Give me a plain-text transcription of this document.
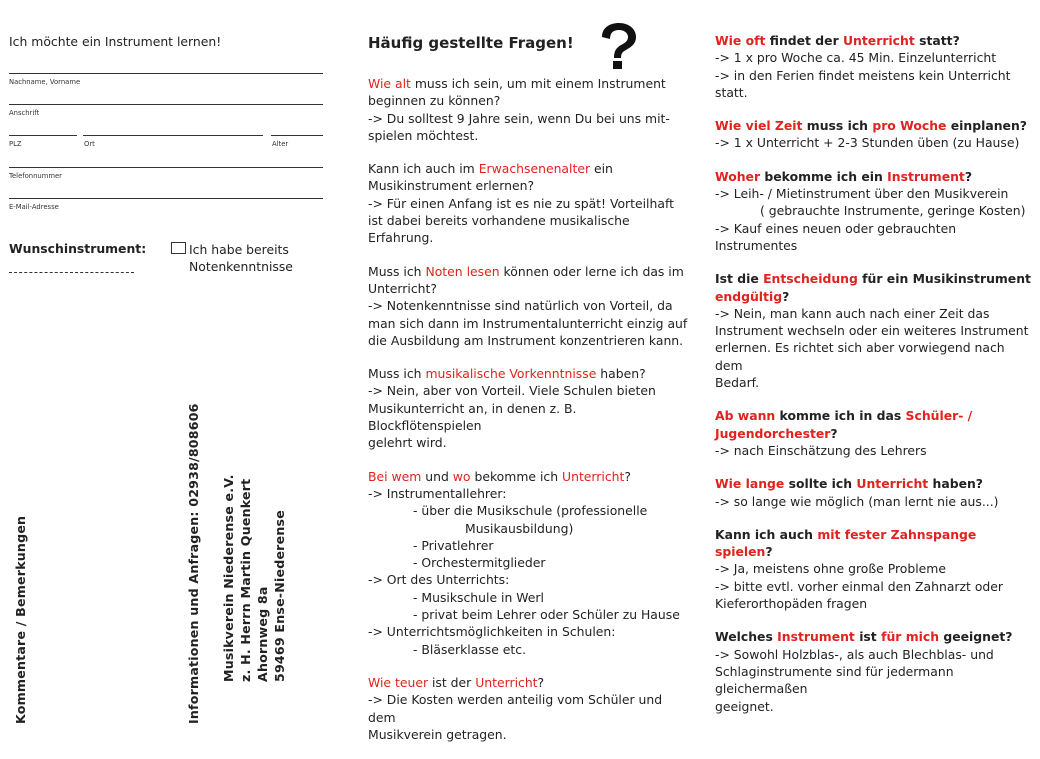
Ich möchte ein Instrument lernen!
Nachname, Vorname
Anschrift
PLZ	Ort	Alter
Telefonnummer
E-Mail-Adresse
Wunschinstrument:	Ich habe bereits
Notenkenntnisse
Kommentare / Bemerkungen	Informationen und Anfragen: 02938/808606 Musikverein Niederense e.V. z. H. Herrn Martin Quenkert Ahornweg 8a 59469 Ense-Niederense
Häufig gestellte Fragen!

Wie alt muss ich sein, um mit einem Instrument

beginnen zu können?

-> Du solltest 9 Jahre sein, wenn Du bei uns mit-

spielen möchtest.

Kann ich auch im Erwachsenenalter ein

Musikinstrument erlernen?

-> Für einen Anfang ist es nie zu spät! Vorteilhaft

ist dabei bereits vorhandene musikalische

Erfahrung.

Muss ich Noten lesen können oder lerne ich das im

Unterricht?

-> Notenkenntnisse sind natürlich von Vorteil, da

man sich dann im Instrumentalunterricht einzig auf

die Ausbildung am Instrument konzentrieren kann.

Muss ich musikalische Vorkenntnisse haben?

-> Nein, aber von Vorteil. Viele Schulen bieten

Musikunterricht an, in denen z. B. Blockflötenspielen

gelehrt wird.

Bei wem und wo bekomme ich Unterricht?

-> Instrumentallehrer:

- über die Musikschule (professionelle

Musikausbildung)

- Privatlehrer

- Orchestermitglieder

-> Ort des Unterrichts:

- Musikschule in Werl

- privat beim Lehrer oder Schüler zu Hause

-> Unterrichtsmöglichkeiten in Schulen:

- Bläserklasse etc.

Wie teuer ist der Unterricht?

-> Die Kosten werden anteilig vom Schüler und dem

Musikverein getragen.

Wie oft findet der Unterricht statt?

-> 1 x pro Woche ca. 45 Min. Einzelunterricht

-> in den Ferien findet meistens kein Unterricht

statt.

Wie viel Zeit muss ich pro Woche einplanen?

-> 1 x Unterricht + 2-3 Stunden üben (zu Hause)

Woher bekomme ich ein Instrument?

-> Leih- / Mietinstrument über den Musikverein

( gebrauchte Instrumente, geringe Kosten)

-> Kauf eines neuen oder gebrauchten Instrumentes

Ist die Entscheidung für ein Musikinstrument

endgültig?

-> Nein, man kann auch nach einer Zeit das

Instrument wechseln oder ein weiteres Instrument

erlernen. Es richtet sich aber vorwiegend nach dem

Bedarf.

Ab wann komme ich in das Schüler- /

Jugendorchester?

-> nach Einschätzung des Lehrers

Wie lange sollte ich Unterricht haben?

-> so lange wie möglich (man lernt nie aus...)

Kann ich auch mit fester Zahnspange spielen?

-> Ja, meistens ohne große Probleme

-> bitte evtl. vorher einmal den Zahnarzt oder

Kieferorthopäden fragen

Welches Instrument ist für mich geeignet?

-> Sowohl Holzblas-, als auch Blechblas- und

Schlaginstrumente sind für jedermann gleichermaßen

geeignet.
